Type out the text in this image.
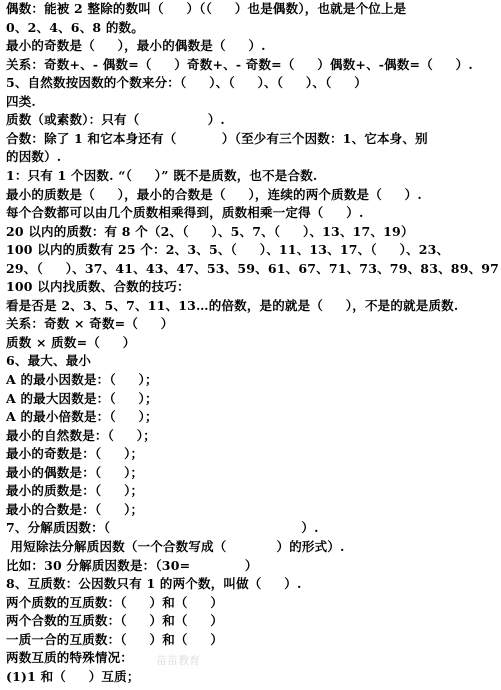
偶数：能被 2 整除的数叫（     ）（（     ）也是偶数），也就是个位上是
0、2、4、6、8 的数。
最小的奇数是（     ），最小的偶数是（     ）.
关系：奇数+、- 偶数=（     ）奇数+、- 奇数=（     ）偶数+、-偶数=（     ）.
5、自然数按因数的个数来分：（     ）、（     ）、（     ）、（     ）
四类.
质数（或素数）：只有（               ）.
合数：除了 1 和它本身还有（          ）（至少有三个因数：1、它本身、别
的因数）.
1：只有 1 个因数. “（     ）” 既不是质数，也不是合数.
最小的质数是（     ），最小的合数是（     ），连续的两个质数是（     ）.
每个合数都可以由几个质数相乘得到，质数相乘一定得（     ）.
20 以内的质数：有 8 个（2、（     ）、5、7、（     ）、13、17、19）
100 以内的质数有 25 个：2、3、5、（     ）、11、13、17、（     ）、23、
29、（     ）、37、41、43、47、53、59、61、67、71、73、79、83、89、97
100 以内找质数、合数的技巧：
看是否是 2、3、5、7、11、13…的倍数，是的就是（     ），不是的就是质数.
关系：奇数 × 奇数=（     ）
质数 × 质数=（     ）
6、最大、最小
A 的最小因数是：（     ）；
A 的最大因数是：（     ）；
A 的最小倍数是：（     ）；
最小的自然数是：（     ）；
最小的奇数是：（     ）；
最小的偶数是：（     ）；
最小的质数是：（     ）；
最小的合数是：（     ）；
7、分解质因数：（                                          ）.
用短除法分解质因数（一个合数写成（           ）的形式）.
比如：30 分解质因数是：（30=            ）
8、互质数：公因数只有 1 的两个数，叫做（     ）.
两个质数的互质数：（     ）和（     ）
两个合数的互质数：（     ）和（     ）
一质一合的互质数：（     ）和（     ）
两数互质的特殊情况：
(1)1 和（     ）互质；
苗苗教育
